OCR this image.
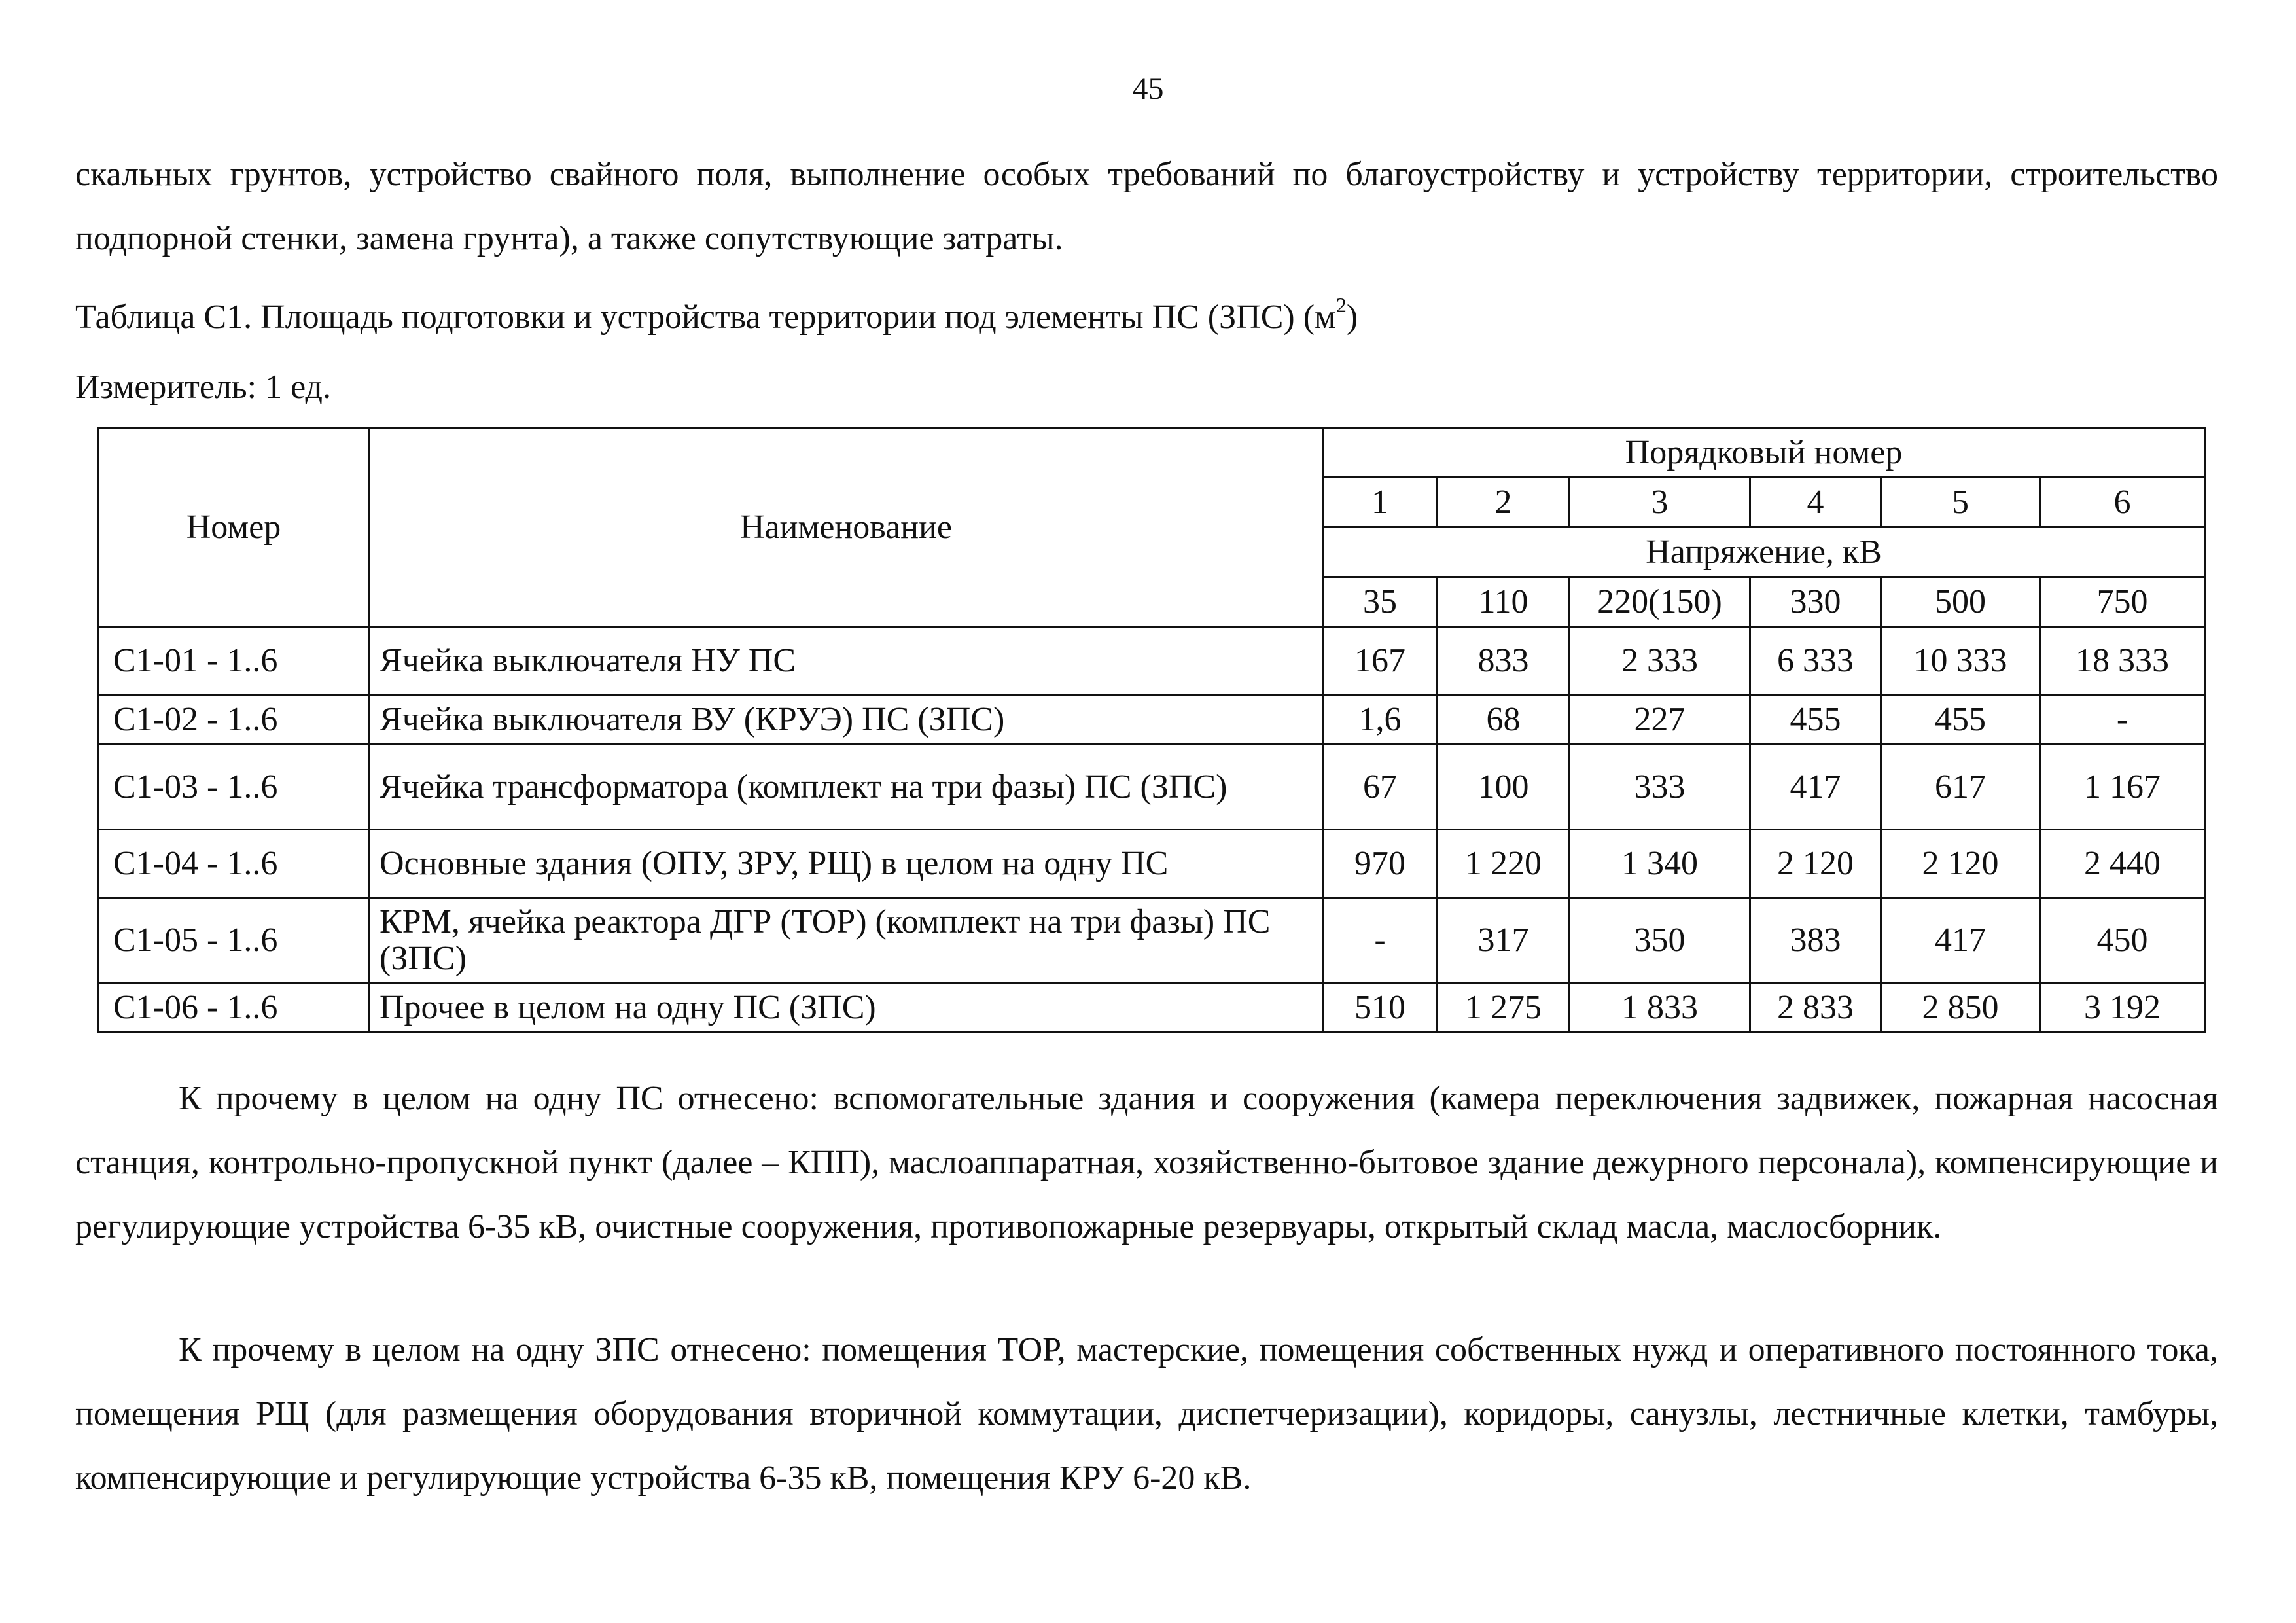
45
скальных грунтов, устройство свайного поля, выполнение особых требований по благоустройству и устройству территории, строительство подпорной стенки, замена грунта), а также сопутствующие затраты.
Таблица С1. Площадь подготовки и устройства территории под элементы ПС (ЗПС) $(м^2)$
Измеритель: 1 ед.
Номер	Наименование	Порядковый номер					
		1	2	3	4	5	6
		Напряжение, кВ					
		35	110	220(150)	330	500	750
С1-01 - 1..6	Ячейка выключателя НУ ПС	167	833	2 333	6 333	10 333	18 333
С1-02 - 1..6	Ячейка выключателя ВУ (КРУЭ) ПС (ЗПС)	1,6	68	227	455	455	-
С1-03 - 1..6	Ячейка трансформатора (комплект на три фазы) ПС (ЗПС)	67	100	333	417	617	1 167
С1-04 - 1..6	Основные здания (ОПУ, ЗРУ, РЩ) в целом на одну ПС	970	1 220	1 340	2 120	2 120	2 440
С1-05 - 1..6	КРМ, ячейка реактора ДГР (ТОР) (комплект на три фазы) ПС (ЗПС)	-	317	350	383	417	450
С1-06 - 1..6	Прочее в целом на одну ПС (ЗПС)	510	1 275	1 833	2 833	2 850	3 192
К прочему в целом на одну ПС отнесено: вспомогательные здания и сооружения (камера переключения задвижек, пожарная насосная станция, контрольно-пропускной пункт (далее – КПП), маслоаппаратная, хозяйственно-бытовое здание дежурного персонала), компенсирующие и регулирующие устройства 6-35 кВ, очистные сооружения, противопожарные резервуары, открытый склад масла, маслосборник.
К прочему в целом на одну ЗПС отнесено: помещения ТОР, мастерские, помещения собственных нужд и оперативного постоянного тока, помещения РЩ (для размещения оборудования вторичной коммутации, диспетчеризации), коридоры, санузлы, лестничные клетки, тамбуры, компенсирующие и регулирующие устройства 6-35 кВ, помещения КРУ 6-20 кВ.
